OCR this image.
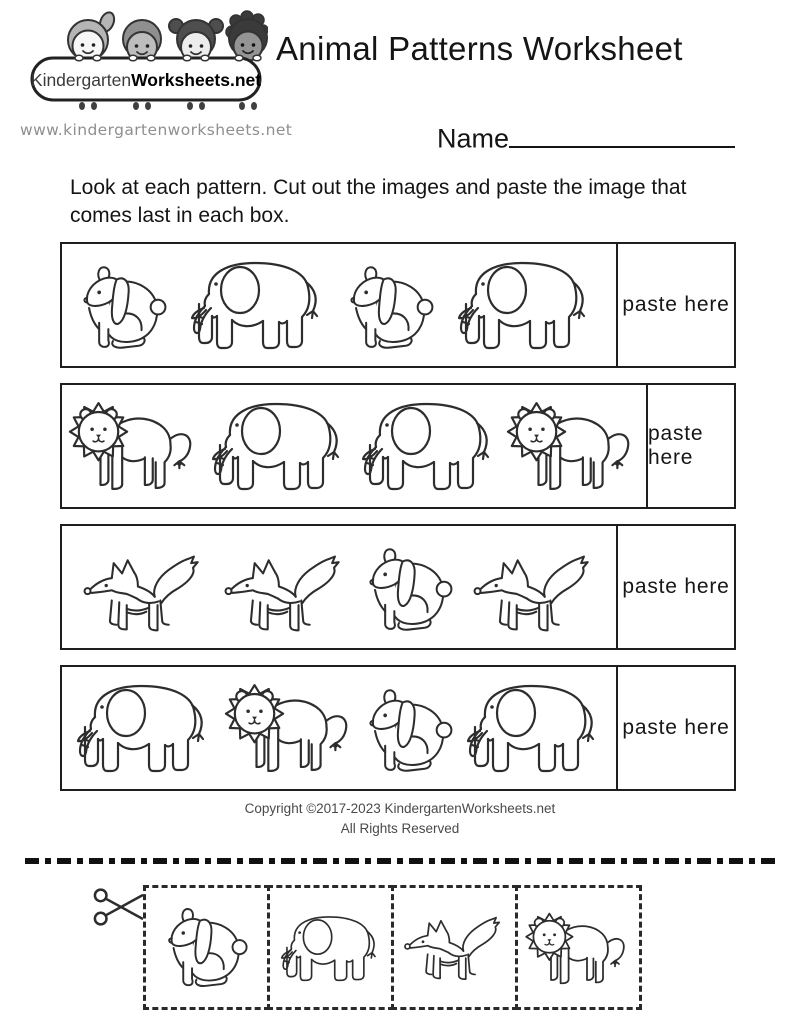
KindergartenWorksheets.net
www.kindergartenworksheets.net
Animal Patterns Worksheet
Name
Look at each pattern. Cut out the images and paste the image that
comes last in each box.
paste here
paste here
paste here
paste here
Copyright ©2017-2023 KindergartenWorksheets.net
All Rights Reserved
